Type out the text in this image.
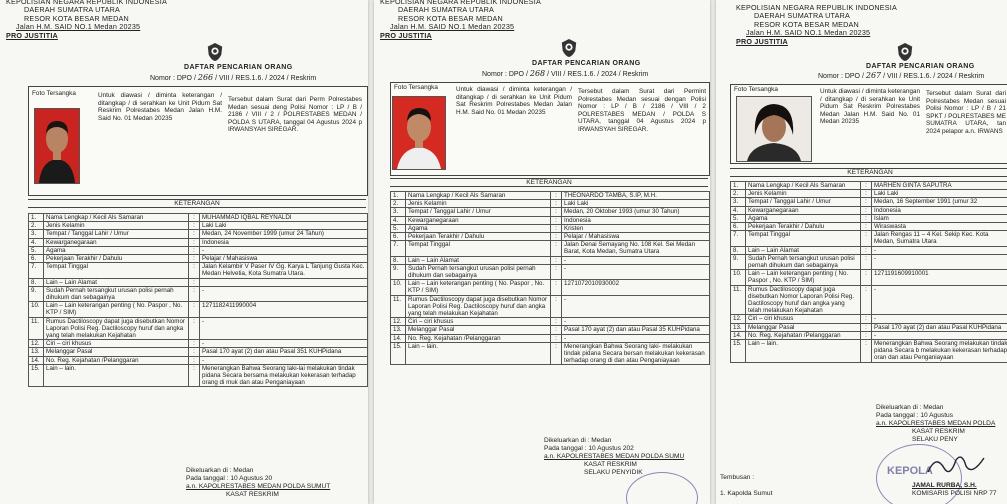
KEPOLISIAN NEGARA REPUBLIK INDONESIA
DAERAH SUMATRA UTARA
RESOR KOTA BESAR MEDAN
Jalan H.M. SAID NO.1 Medan 20235
PRO JUSTITIA
DAFTAR PENCARIAN ORANG
Nomor : DPO / 266 / VIII / RES.1.6. / 2024 / Reskrim
Foto Tersangka	Untuk diawasi / diminta keterangan / ditangkap / di serahkan ke Unit Pidum Sat Reskrim Polrestabes Medan Jalan H.M. Said No. 01 Medan 20235
Tersebut dalam Surat dari Perm Polrestabes Medan sesuai deng Polisi Nomor : LP / B / 2186 / VIII / 2 / POLRESTABES MEDAN / POLDA S UTARA, tanggal 04 Agustus 2024 p IRWANSYAH SIREGAR.
KETERANGAN
1.	Nama Lengkap / Kecil Als Samaran	:	MUHAMMAD IQBAL REYNALDI
2.	Jenis Kelamin	:	Laki Laki
3.	Tempat / Tanggal Lahir / Umur	:	Medan, 24 November 1999 (umur 24 Tahun)
4.	Kewarganegaraan	:	Indonesia
5.	Agama	:	-
6.	Pekerjaan Terakhir / Dahulu	:	Pelajar / Mahasiswa
7.	Tempat Tinggal	:	Jalan Kelambir V Paser IV Gg. Karya L Tanjung Gusta Kec. Medan Helvetia, Kota Sumatra Utara.
8.	Lain – Lain Alamat	:	
9.	Sudah Pernah tersangkut urusan polisi pernah dihukum dan sebagainya	:	-
10.	Lain – Lain keterangan penting ( No. Paspor , No. KTP / SIM)	:	1271182411990004
11.	Rumus Dactiloscopy dapat juga disebutkan Nomor Laporan Polisi Reg. Dactiloscopy huruf dan angka yang telah melakukan Kejahatan	:	-
12.	Ciri – ciri khusus	:	-
13.	Melanggar Pasal	:	Pasal 170 ayat (2) dan atau Pasal 351 KUHPidana
14.	No. Reg. Kejahatan /Pelanggaran	:	-
15.	Lain – lain.	:	Menerangkan Bahwa Seorang laki-lai melakukan tindak pidana Secara bersama melakukan kekerasan terhadap orang di muk dan atau Penganiayaan
Dikeluarkan di : Medan
Pada tanggal : 10 Agustus 20
a.n. KAPOLRESTABES MEDAN POLDA SUMUT
KASAT RESKRIM
KEPOLISIAN NEGARA REPUBLIK INDONESIA
DAERAH SUMATRA UTARA
RESOR KOTA BESAR MEDAN
Jalan H.M. SAID NO.1 Medan 20235
PRO JUSTITIA
DAFTAR PENCARIAN ORANG
Nomor : DPO / 268 / VIII / RES.1.6. / 2024 / Reskrim
Foto Tersangka	Untuk diawasi / diminta keterangan / ditangkap / di serahkan ke Unit Pidum Sat Reskrim Polrestabes Medan Jalan H.M. Said No. 01 Medan 20235
Tersebut dalam Surat dari Permint Polrestabes Medan sesuai dengan Polisi Nomor : LP / B / 2186 / VIII / 2 POLRESTABES MEDAN / POLDA S UTARA, tanggal 04 Agustus 2024 p IRWANSYAH SIREGAR.
KETERANGAN
1.	Nama Lengkap / Kecil Als Samaran	:	THEONARDO TAMBA, S.IP, M.H.
2.	Jenis Kelamin	:	Laki Laki
3.	Tempat / Tanggal Lahir / Umur	:	Medan, 20 Oktober 1993 (umur 30 Tahun)
4.	Kewarganegaraan	:	Indonesia
5.	Agama	:	Kristen
6.	Pekerjaan Terakhir / Dahulu	:	Pelajar / Mahasiswa
7.	Tempat Tinggal	:	Jalan Denai Semayang No. 108 Kel. Sei Medan Barat, Kota Medan, Sumatra Utara
8.	Lain – Lain Alamat	:	-
9.	Sudah Pernah tersangkut urusan polisi pernah dihukum dan sebagainya	:	-
10.	Lain – Lain keterangan penting ( No. Paspor , No. KTP / SIM)	:	1271072010930002
11.	Rumus Dactiloscopy dapat juga disebutkan Nomor Laporan Polisi Reg. Dactiloscopy huruf dan angka yang telah melakukan Kejahatan	:	-
12.	Ciri – ciri khusus	:	-
13.	Melanggar Pasal	:	Pasal 170 ayat (2) dan atau Pasal 35 KUHPidana
14.	No. Reg. Kejahatan /Pelanggaran	:	-
15.	Lain – lain.	:	Menerangkan Bahwa Seorang laki- melakukan tindak pidana Secara bersan melakukan kekerasan terhadap orang di dan atau Penganiayaan
Dikeluarkan di : Medan
Pada tanggal : 10 Agustus 202
a.n. KAPOLRESTABES MEDAN POLDA SUMU
KASAT RESKRIM
SELAKU PENYIDIK
KEPOLISIAN NEGARA REPUBLIK INDONESIA
DAERAH SUMATRA UTARA
RESOR KOTA BESAR MEDAN
Jalan H.M. SAID NO.1 Medan 20235
PRO JUSTITIA
DAFTAR PENCARIAN ORANG
Nomor : DPO / 267 / VIII / RES.1.6. / 2024 / Reskrim
Foto Tersangka	Untuk diawasi / diminta keterangan / ditangkap / di serahkan ke Unit Pidum Sat Reskrim Polrestabes Medan Jalan H.M. Said No. 01 Medan 20235
Tersebut dalam Surat dari Polrestabes Medan sesuai Polisi Nomor : LP / B / 21 SPKT / POLRESTABES ME SUMATRA UTARA, tan 2024 pelapor a.n. IRWANS
KETERANGAN
1.	Nama Lengkap / Kecil Als Samaran	:	MARHEN GINTA SAPUTRA
2.	Jenis Kelamin	:	Laki Laki
3.	Tempat / Tanggal Lahir / Umur	:	Medan, 16 September 1991 (umur 32
4.	Kewarganegaraan	:	Indonesia
5.	Agama	:	Islam
6.	Pekerjaan Terakhir / Dahulu	:	Wiraswasta
7.	Tempat Tinggal	:	Jalan Rengas 11 – 4 Kel. Sekip Kec. Kota Medan, Sumatra Utara
8.	Lain – Lain Alamat	:	-
9.	Sudah Pernah tersangkut urusan polisi pernah dihukum dan sebagainya	:	-
10.	Lain – Lain keterangan penting ( No. Paspor , No. KTP / SIM)	:	1271191609910001
11.	Rumus Dactiloscopy dapat juga disebutkan Nomor Laporan Polisi Reg. Dactiloscopy huruf dan angka yang telah melakukan Kejahatan	:	-
12.	Ciri – ciri khusus	:	-
13.	Melanggar Pasal	:	Pasal 170 ayat (2) dan atau Pasal KUHPidana
14.	No. Reg. Kejahatan /Pelanggaran	:	-
15.	Lain – lain.	:	Menerangkan Bahwa Seorang melakukan tindak pidana Secara b melakukan kekerasan terhadap oran dan atau Penganiayaan
Dikeluarkan di : Medan
Pada tanggal : 10 Agustus
a.n. KAPOLRESTABES MEDAN POLDA
KASAT RESKRIM
SELAKU PENY
Tembusan :
1. Kapolda Sumut
KEPOLA
JAMAL RURBA, S.H.
KOMISARIS POLISI NRP 77
